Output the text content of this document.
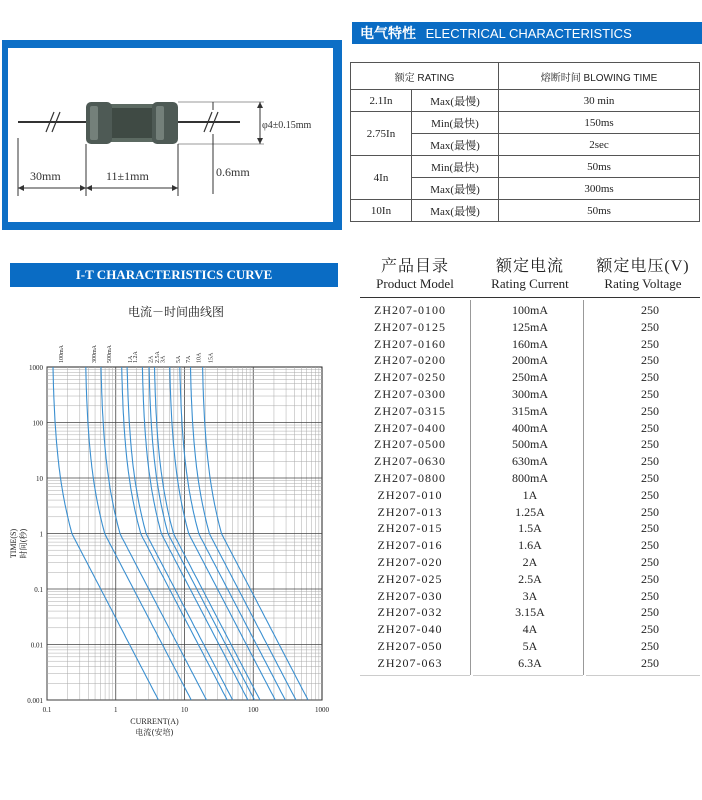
φ4±0.15mm
30mm	11±1mm	0.6mm
电气特性 ELECTRICAL CHARACTERISTICS
额定 RATING		熔断时间 BLOWING TIME
2.1In	Max(最慢)	30 min
2.75In	Min(最快)	150ms
	Max(最慢)	2sec
4In	Min(最快)	50ms
	Max(最慢)	300ms
10In	Max(最慢)	50ms
I-T CHARACTERISTICS CURVE
电流－时间曲线图
0.1	1	10	100	1000
0.001
0.01
0.1
1
10
100
1000
CURRENT(A)
电流(安培)
TIME(S) 时间(秒)
100mA	300mA 500mA 1A 1.2A 2A 2.5A 3A 5A 7A 10A 15A
产品目录
Product Model
额定电流
Rating Current
额定电压(V)
Rating Voltage
ZH207-0100	100mA	250
ZH207-0125	125mA	250
ZH207-0160	160mA	250
ZH207-0200	200mA	250
ZH207-0250	250mA	250
ZH207-0300	300mA	250
ZH207-0315	315mA	250
ZH207-0400	400mA	250
ZH207-0500	500mA	250
ZH207-0630	630mA	250
ZH207-0800	800mA	250
ZH207-010	1A	250
ZH207-013	1.25A	250
ZH207-015	1.5A	250
ZH207-016	1.6A	250
ZH207-020	2A	250
ZH207-025	2.5A	250
ZH207-030	3A	250
ZH207-032	3.15A	250
ZH207-040	4A	250
ZH207-050	5A	250
ZH207-063	6.3A	250
